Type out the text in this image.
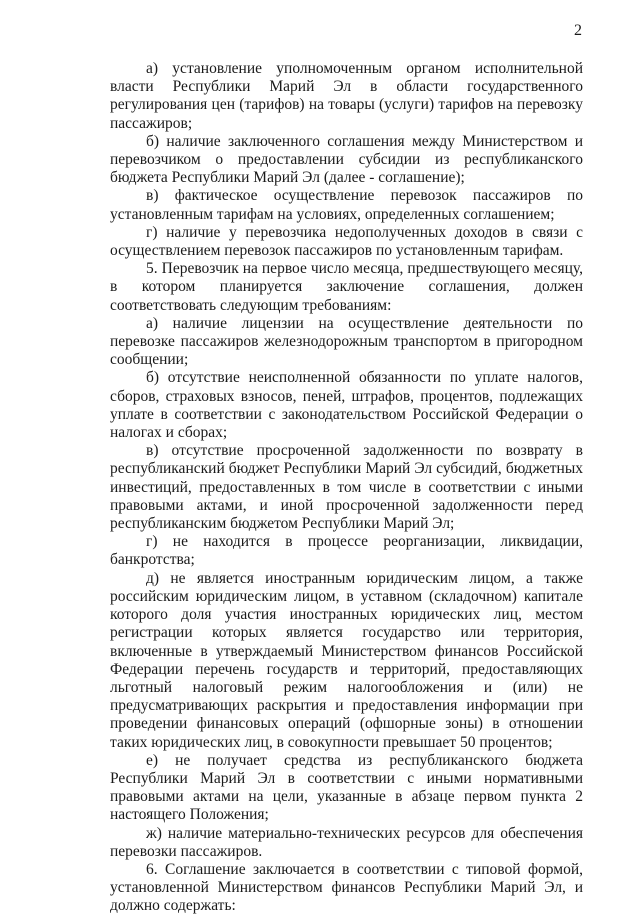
2

а) установление уполномоченным органом исполнительной власти Республики Марий Эл в области государственного регулирования цен (тарифов) на товары (услуги) тарифов на перевозку пассажиров;

б) наличие заключенного соглашения между Министерством и перевозчиком о предоставлении субсидии из республиканского бюджета Республики Марий Эл (далее - соглашение);

в) фактическое осуществление перевозок пассажиров по установленным тарифам на условиях, определенных соглашением;

г) наличие у перевозчика недополученных доходов в связи с осуществлением перевозок пассажиров по установленным тарифам.

5. Перевозчик на первое число месяца, предшествующего месяцу, в котором планируется заключение соглашения, должен соответствовать следующим требованиям:

а) наличие лицензии на осуществление деятельности по перевозке пассажиров железнодорожным транспортом в пригородном сообщении;

б) отсутствие неисполненной обязанности по уплате налогов, сборов, страховых взносов, пеней, штрафов, процентов, подлежащих уплате в соответствии с законодательством Российской Федерации о налогах и сборах;

в) отсутствие просроченной задолженности по возврату в республиканский бюджет Республики Марий Эл субсидий, бюджетных инвестиций, предоставленных в том числе в соответствии с иными правовыми актами, и иной просроченной задолженности перед республиканским бюджетом Республики Марий Эл;

г) не находится в процессе реорганизации, ликвидации, банкротства;

д) не является иностранным юридическим лицом, а также российским юридическим лицом, в уставном (складочном) капитале которого доля участия иностранных юридических лиц, местом регистрации которых является государство или территория, включенные в утверждаемый Министерством финансов Российской Федерации перечень государств и территорий, предоставляющих льготный налоговый режим налогообложения и (или) не предусматривающих раскрытия и предоставления информации при проведении финансовых операций (офшорные зоны) в отношении таких юридических лиц, в совокупности превышает 50 процентов;

е) не получает средства из республиканского бюджета Республики Марий Эл в соответствии с иными нормативными правовыми актами на цели, указанные в абзаце первом пункта 2 настоящего Положения;

ж) наличие материально-технических ресурсов для обеспечения перевозки пассажиров.

6. Соглашение заключается в соответствии с типовой формой, установленной Министерством финансов Республики Марий Эл, и должно содержать:
